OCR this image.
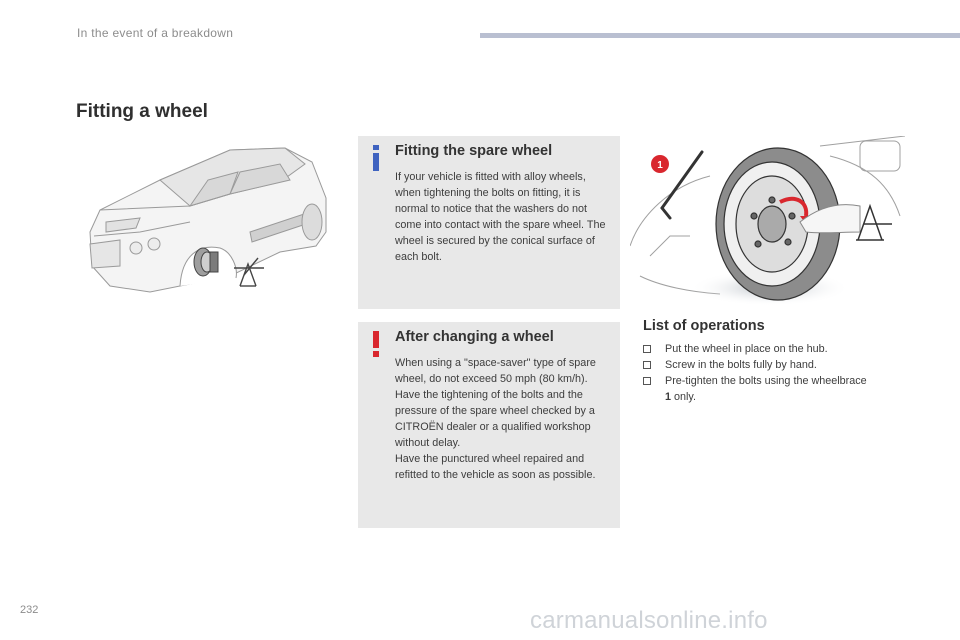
In the event of a breakdown
Fitting a wheel
Fitting the spare wheel

If your vehicle is fitted with alloy wheels, when tightening the bolts on fitting, it is normal to notice that the washers do not come into contact with the spare wheel. The wheel is secured by the conical surface of each bolt.

After changing a wheel

When using a "space-saver" type of spare wheel, do not exceed 50 mph (80 km/h).

Have the tightening of the bolts and the pressure of the spare wheel checked by a CITROËN dealer or a qualified workshop without delay.

Have the punctured wheel repaired and refitted to the vehicle as soon as possible.

1
List of operations
Put the wheel in place on the hub.
Screw in the bolts fully by hand.
Pre-tighten the bolts using the wheelbrace 1 only.
232	carmanualsonline.info
